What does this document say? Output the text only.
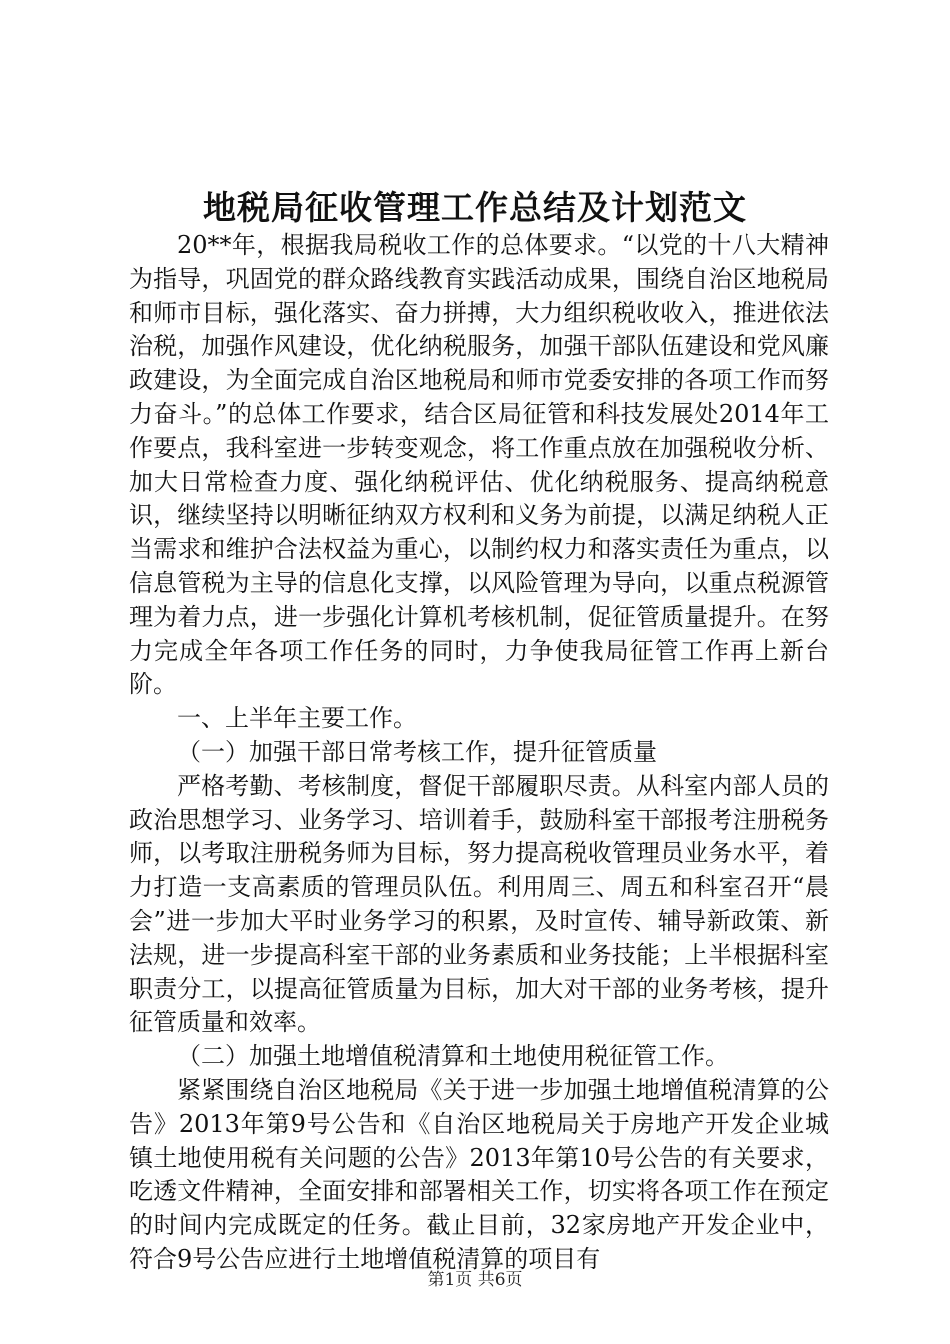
地税局征收管理工作总结及计划范文

20**年，根据我局税收工作的总体要求。“以党的十八大精神为指导，巩固党的群众路线教育实践活动成果，围绕自治区地税局和师市目标，强化落实、奋力拼搏，大力组织税收收入，推进依法治税，加强作风建设，优化纳税服务，加强干部队伍建设和党风廉政建设，为全面完成自治区地税局和师市党委安排的各项工作而努力奋斗。”的总体工作要求，结合区局征管和科技发展处2014年工作要点，我科室进一步转变观念，将工作重点放在加强税收分析、加大日常检查力度、强化纳税评估、优化纳税服务、提高纳税意识，继续坚持以明晰征纳双方权利和义务为前提，以满足纳税人正当需求和维护合法权益为重心，以制约权力和落实责任为重点，以信息管税为主导的信息化支撑，以风险管理为导向，以重点税源管理为着力点，进一步强化计算机考核机制，促征管质量提升。在努力完成全年各项工作任务的同时，力争使我局征管工作再上新台阶。

一、上半年主要工作。

（一）加强干部日常考核工作，提升征管质量

严格考勤、考核制度，督促干部履职尽责。从科室内部人员的政治思想学习、业务学习、培训着手，鼓励科室干部报考注册税务师，以考取注册税务师为目标，努力提高税收管理员业务水平，着力打造一支高素质的管理员队伍。利用周三、周五和科室召开“晨会”进一步加大平时业务学习的积累，及时宣传、辅导新政策、新法规，进一步提高科室干部的业务素质和业务技能；上半根据科室职责分工，以提高征管质量为目标，加大对干部的业务考核，提升征管质量和效率。

（二）加强土地增值税清算和土地使用税征管工作。

紧紧围绕自治区地税局《关于进一步加强土地增值税清算的公告》2013年第9号公告和《自治区地税局关于房地产开发企业城镇土地使用税有关问题的公告》2013年第10号公告的有关要求，吃透文件精神，全面安排和部署相关工作，切实将各项工作在预定的时间内完成既定的任务。截止目前，32家房地产开发企业中，符合9号公告应进行土地增值税清算的项目有

第1页 共6页
